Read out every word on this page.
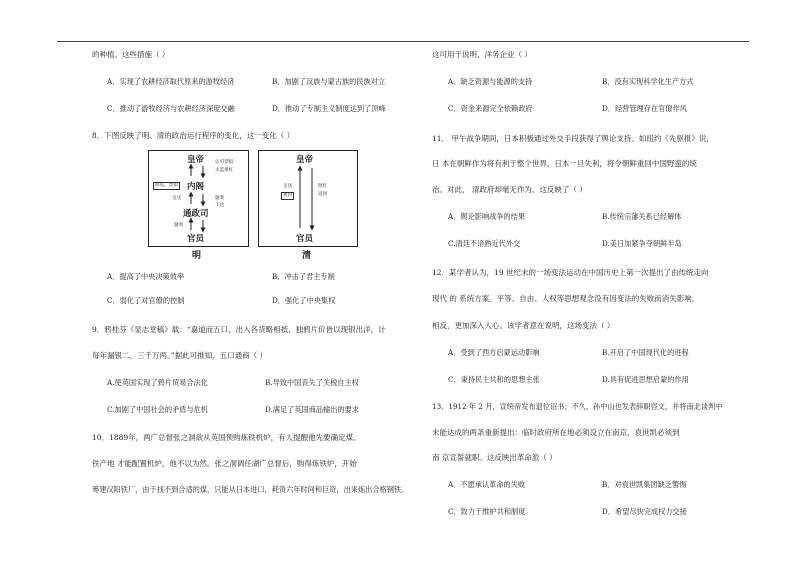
的种植。这些措施（ ）
A．实现了农耕经济取代原来的游牧经济	B．加剧了汉族与蒙古族的民族对立
C．推动了游牧经济与农耕经济深度交融	D．推动了专制主义制度达到了顶峰
8．下图反映了明、清的政治运行程序的变化，这一变化（ ）
皇帝
内阁
通政司
官员
阅览、票拟
认可票拟
太监批红
呈送	题奏
下达
题奏
明
皇帝
官员
呈送
密封
批红
返回
清
A．提高了中央决策效率	B．冲击了君主专制
C．弱化了对官僚的控制	D．强化了中央集权
9．鸦桂芬《显志堂稿》载：“嘉道而五口，出入各货略相抵，独鸦片价皆以现银出洋，计
每年漏银二、三千万两。”据此可推知，五口通商（ ）
A.使英国实现了鸦片贸易合法化	B.导致中国丧失了关税自主权
C.加剧了中国社会的矛盾与危机	D.满足了英国商品输出的要求
10．1889年，两广总督张之洞欲从英国预购炼铁机炉，有人提醒他先要确定煤、
铁产地 才能配置机炉，他不以为然。张之洞调任湖广总督后，购得炼铁炉，开始
筹建汉阳铁厂，由于找不到合适的煤，只能从日本进口，耗资六年时间和巨资，出来炼出合格钢铁。
这可用于说明，洋务企业（ ）
A．缺乏资源与能源的支持	B．没有实现科学化生产方式
C．资金来源完全依赖政府	D．经营管理存在官僚作风
11． 甲午战争期间，日本积极通过外交手段获得了舆论支持。如纽约《先驱报》说，
日 本在朝鲜作为将有利于整个世界，日本一旦失利，将令朝鲜重回中国野蛮的统
治。对此， 清政府却毫无作为。这反映了（ ）
A．舆论影响战争的结果	B.传统宗藩关系已经解体
C.清廷不谙熟近代外交	D.美日加紧争夺朝鲜半岛
12．某学者认为，19 世纪末的一场变法运动在中国历史上第一次提出了由传统走向
现代 的 系统方案。平等、自由、人权等思想观念没有因变法的失败而消失影响，
相反，更加深入人心。该学者意在说明，这场变法（ ）
A．受到了西方启蒙运动影响	B.开启了中国现代化的进程
C．秉持民主共和的思想主张	D.具有促进思想启蒙的作用
13．1912 年 2 月，宣统帝发布退位诏书；不久，孙中山也发表辞职咨文，并将南北谈判中
未能达成的两条重新提出：临时政府所在地必须设立在南京，袁世凯必须到
南 京宣誓就职。这反映出革命派（ ）
A．不愿承认革命的失败	B．对袁世凯集团缺乏警惕
C．致力于维护共和制度	D．希望尽快完成权力交接
